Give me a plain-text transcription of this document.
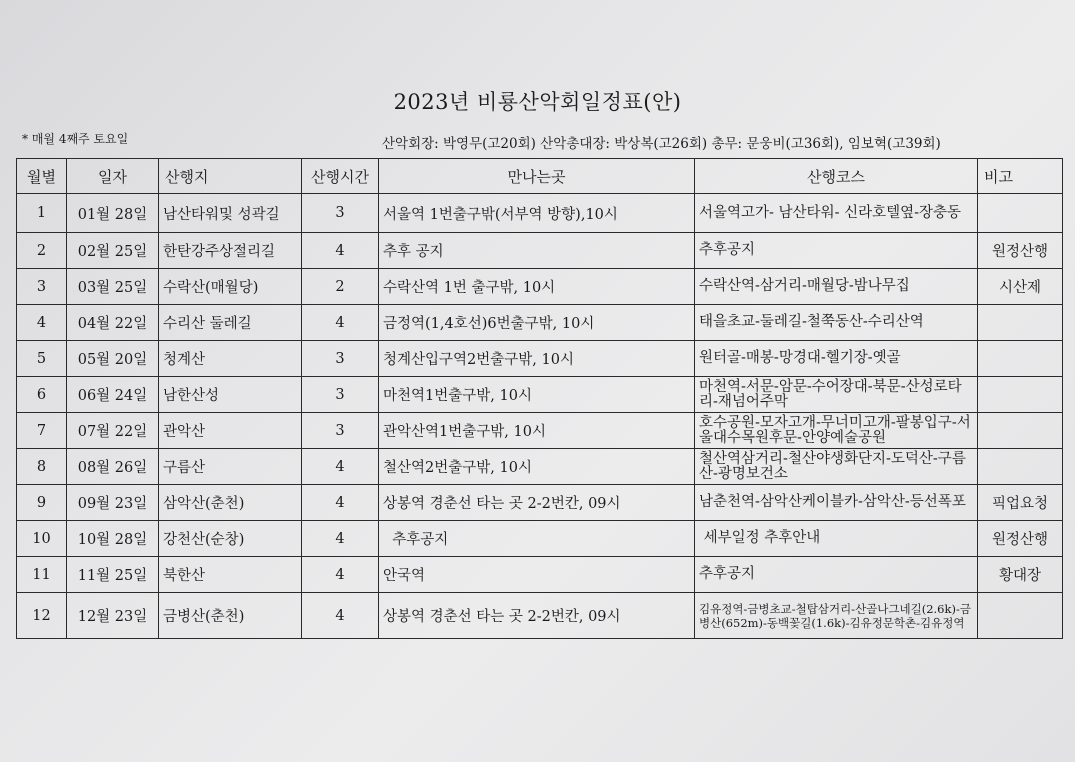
2023년 비룡산악회일정표(안)
* 매월 4째주 토요일	산악회장: 박영무(고20회) 산악총대장: 박상복(고26회) 총무: 문웅비(고36회), 임보혁(고39회)
월별	일자	산행지	산행시간	만나는곳	산행코스	비고
1	01월 28일	남산타워및 성곽길	3	서울역 1번출구밖(서부역 방향),10시	서울역고가- 남산타워- 신라호텔옆-장충동	
2	02월 25일	한탄강주상절리길	4	추후 공지	추후공지	원정산행
3	03월 25일	수락산(매월당)	2	수락산역 1번 출구밖, 10시	수락산역-삼거리-매월당-밤나무집	시산제
4	04월 22일	수리산 둘레길	4	금정역(1,4호선)6번출구밖, 10시	태을초교-둘레길-철쭉동산-수리산역	
5	05월 20일	청계산	3	청계산입구역2번출구밖, 10시	원터골-매봉-망경대-헬기장-옛골	
6	06월 24일	남한산성	3	마천역1번출구밖, 10시	마천역-서문-암문-수어장대-북문-산성로타리-재넘어주막	
7	07월 22일	관악산	3	관악산역1번출구밖, 10시	호수공원-모자고개-무너미고개-팔봉입구-서울대수목원후문-안양예술공원	
8	08월 26일	구름산	4	철산역2번출구밖, 10시	철산역삼거리-철산야생화단지-도덕산-구름산-광명보건소	
9	09월 23일	삼악산(춘천)	4	상봉역 경춘선 타는 곳 2-2번칸, 09시	남춘천역-삼악산케이블카-삼악산-등선폭포	픽업요청
10	10월 28일	강천산(순창)	4	추후공지	세부일정 추후안내	원정산행
11	11월 25일	북한산	4	안국역	추후공지	황대장
12	12월 23일	금병산(춘천)	4	상봉역 경춘선 타는 곳 2-2번칸, 09시	김유정역-금병초교-철탑삼거리-산골나그네길(2.6k)-금병산(652m)-동백꽃길(1.6k)-김유정문학촌-김유정역	
